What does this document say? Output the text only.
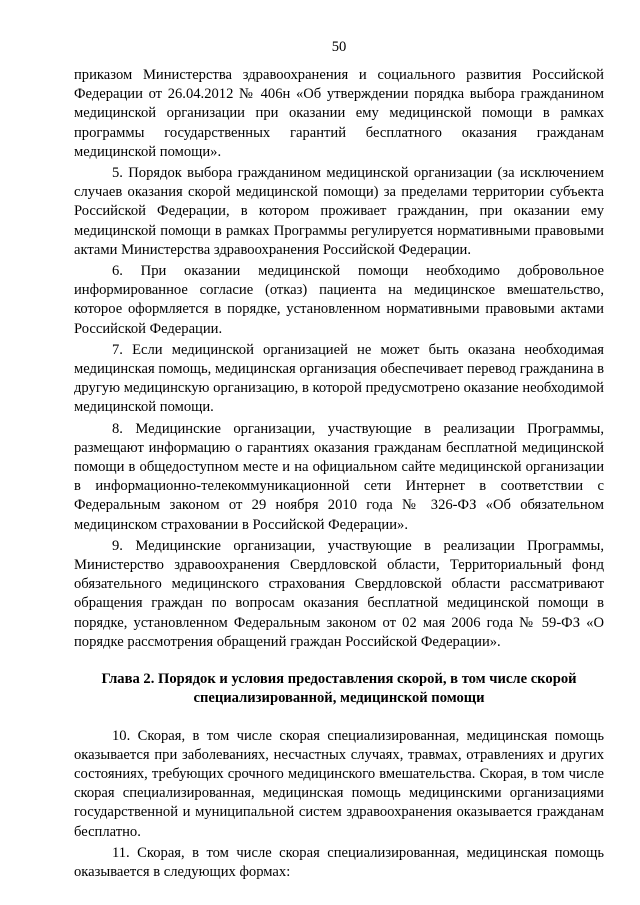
50

приказом Министерства здравоохранения и социального развития Российской Федерации от 26.04.2012 № 406н «Об утверждении порядка выбора гражданином медицинской организации при оказании ему медицинской помощи в рамках программы государственных гарантий бесплатного оказания гражданам медицинской помощи».

5. Порядок выбора гражданином медицинской организации (за исключением случаев оказания скорой медицинской помощи) за пределами территории субъекта Российской Федерации, в котором проживает гражданин, при оказании ему медицинской помощи в рамках Программы регулируется нормативными правовыми актами Министерства здравоохранения Российской Федерации.

6. При оказании медицинской помощи необходимо добровольное информированное согласие (отказ) пациента на медицинское вмешательство, которое оформляется в порядке, установленном нормативными правовыми актами Российской Федерации.

7. Если медицинской организацией не может быть оказана необходимая медицинская помощь, медицинская организация обеспечивает перевод гражданина в другую медицинскую организацию, в которой предусмотрено оказание необходимой медицинской помощи.

8. Медицинские организации, участвующие в реализации Программы, размещают информацию о гарантиях оказания гражданам бесплатной медицинской помощи в общедоступном месте и на официальном сайте медицинской организации в информационно-телекоммуникационной сети Интернет в соответствии с Федеральным законом от 29 ноября 2010 года № 326-ФЗ «Об обязательном медицинском страховании в Российской Федерации».

9. Медицинские организации, участвующие в реализации Программы, Министерство здравоохранения Свердловской области, Территориальный фонд обязательного медицинского страхования Свердловской области рассматривают обращения граждан по вопросам оказания бесплатной медицинской помощи в порядке, установленном Федеральным законом от 02 мая 2006 года № 59-ФЗ «О порядке рассмотрения обращений граждан Российской Федерации».

Глава 2. Порядок и условия предоставления скорой, в том числе скорой специализированной, медицинской помощи

10. Скорая, в том числе скорая специализированная, медицинская помощь оказывается при заболеваниях, несчастных случаях, травмах, отравлениях и других состояниях, требующих срочного медицинского вмешательства. Скорая, в том числе скорая специализированная, медицинская помощь медицинскими организациями государственной и муниципальной систем здравоохранения оказывается гражданам бесплатно.

11. Скорая, в том числе скорая специализированная, медицинская помощь оказывается в следующих формах:
